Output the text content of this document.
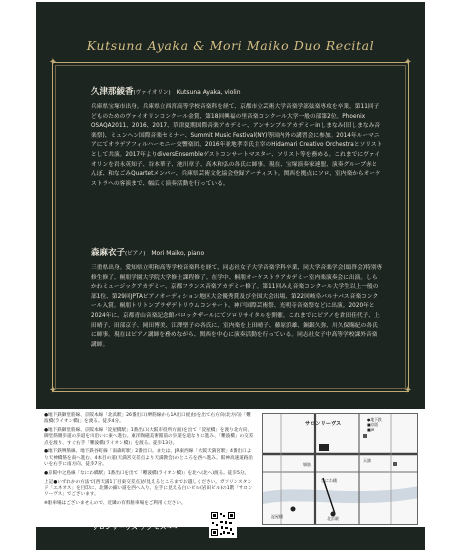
✦	✦
✦	✦
Kutsuna Ayaka & Mori Maiko Duo Recital
久津那綾香(ヴァイオリン) Kutsuna Ayaka, violin
兵庫県宝塚市出身。兵庫県立西宮高等学校音楽科を経て、京都市立芸術大学音楽学部弦楽専攻を卒業。第11回子どものためのヴァイオリンコンクール金賞、第18回興福の里音楽コンクール大学一般の部第2位。Phoenix OSAQA2011、2016、2017、草津夏期国際音楽アカデミー、アンサンブルアカデミーinしまなみ(旧しまなみ音楽祭)、ミュンヘン国際音楽セミナー、Summit Music Festival(NY)等国内外の講習会に参加。2014年ルーマニアにてオラデアフィルハーモニー交響楽団、2016年並地孝幸氏主宰のHidamari Creativo Orchestraとソリストとして共演。2017年よりdiversEnsembleゲストコンサートマスター、ソリスト等を務める。これまでにヴァイオリンを岩永英知子、谷本華子、池川章子、高木和弘の各氏に師事。現在、宝塚演奏家連盟、演奏グループ赤とんぼ、和なごみQuartetメンバー、兵庫県芸術文化協会登録アーティスト。関西を拠点にソロ、室内楽からオーケストラへの客演まで、幅広く演奏活動を行っている。
森麻衣子(ピアノ) Mori Maiko, piano
三重県出身。愛知県立明和高等学校音楽科を経て、同志社女子大学音楽学科卒業、同大学音楽学会(頌啓会)特別専修生修了。桐朋学園大学院大学修士課程修了。在学中、桐朋オーケストラアカデミー室内楽演奏会に出演。しらかわミュージックアカデミー、京都フランス音楽アカデミー修了。第11回みえ音楽コンクール大学生以上一般の部1位、第29回JPTAピアノオーディション地区大会優秀賞及び全国大会出場、第22回岐阜バルナバス音楽コンクール入賞。桐朋トリトンプラザデトリウムコンサート、神戸国際芸術祭、光明寺音楽祭などに出演。2020年と2024年に、京都青山音楽記念館バロックザールにてソロリサイタルを開催。これまでにピアノを倉田佳代子、上田晴子、田部京子、岡田博美、江澤聖子の各氏に、室内楽を上田晴子、藤原浜雄、銅銀久弥、川久保賜紀の各氏に師事。現在はピアノ講師を務めながら、関西を中心に演奏活動を行っている。同志社女子中高等学校課外音楽講師。

●地下鉄御堂筋線、京阪本線「北浜駅」26番出口(堺筋線から1A出口経由)を出て右方向(北方向)「難波橋(ライオン橋)」を渡る。徒歩4分。

●地下鉄御堂筋線、京阪本線「淀屋橋駅」1番出口(大阪市役所方面)を出て「淀屋橋」を渡り北方向、御堂筋側歩道の歩道を川沿いに東へ進む。東洋陶磁美術館前の歩道を道なりに進み、「難波橋」の交差点を渡り、すぐ右手「難波橋(ライオン橋)」を渡る。徒歩13分。

●地下鉄堺筋線、地下鉄谷町線「南森町駅」2番出口。または、JR東西線「大阪天満宮駅」4番出口より天神橋筋を南へ進む、4本目の道(天満宮交差点より天満教会)のところを西へ進み、阪神高速道路沿いを右手に南方向、徒歩7分。

●京阪中之島線「なにわ橋駅」1番出口を出て「難波橋(ライオン橋)」を北へ(北へ)渡る。徒歩5分。

上記●いずれかの方法で[西天満1丁目東交差点]が見えるところまでお越しください。ガソリンスタンド「エネオス」を目印に、北側の細い道を西へ入り、左手に見える白いビル(岩田ビル)の1階「サロンリーヴス」でございます。

※駐車場はございませんので、近隣の有料駐車場をご利用ください。

サロンリーヴス
北浜駅
淀屋橋
なにわ橋
天満
堺筋
●地下鉄
■京阪
■JR
サロンリーヴズ アクセス→→
